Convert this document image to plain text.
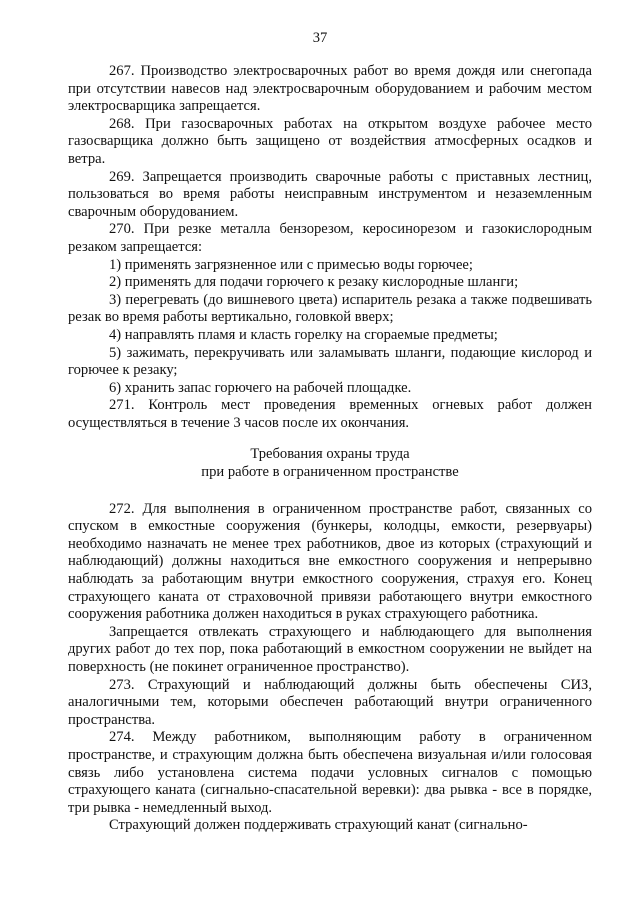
37

267. Производство электросварочных работ во время дождя или снегопада при отсутствии навесов над электросварочным оборудованием и рабочим местом электросварщика запрещается.

268. При газосварочных работах на открытом воздухе рабочее место газосварщика должно быть защищено от воздействия атмосферных осадков и ветра.

269. Запрещается производить сварочные работы с приставных лестниц, пользоваться во время работы неисправным инструментом и незаземленным сварочным оборудованием.

270. При резке металла бензорезом, керосинорезом и газокислородным резаком запрещается:

1) применять загрязненное или с примесью воды горючее;

2) применять для подачи горючего к резаку кислородные шланги;

3) перегревать (до вишневого цвета) испаритель резака а также подвешивать резак во время работы вертикально, головкой вверх;

4) направлять пламя и класть горелку на сгораемые предметы;

5) зажимать, перекручивать или заламывать шланги, подающие кислород и горючее к резаку;

6) хранить запас горючего на рабочей площадке.

271. Контроль мест проведения временных огневых работ должен осуществляться в течение 3 часов после их окончания.

Требования охраны труда
при работе в ограниченном пространстве

272. Для выполнения в ограниченном пространстве работ, связанных со спуском в емкостные сооружения (бункеры, колодцы, емкости, резервуары) необходимо назначать не менее трех работников, двое из которых (страхующий и наблюдающий) должны находиться вне емкостного сооружения и непрерывно наблюдать за работающим внутри емкостного сооружения, страхуя его. Конец страхующего каната от страховочной привязи работающего внутри емкостного сооружения работника должен находиться в руках страхующего работника.

Запрещается отвлекать страхующего и наблюдающего для выполнения других работ до тех пор, пока работающий в емкостном сооружении не выйдет на поверхность (не покинет ограниченное пространство).

273. Страхующий и наблюдающий должны быть обеспечены СИЗ, аналогичными тем, которыми обеспечен работающий внутри ограниченного пространства.

274. Между работником, выполняющим работу в ограниченном пространстве, и страхующим должна быть обеспечена визуальная и/или голосовая связь либо установлена система подачи условных сигналов с помощью страхующего каната (сигнально-спасательной веревки): два рывка - все в порядке, три рывка - немедленный выход.

Страхующий должен поддерживать страхующий канат (сигнально-
